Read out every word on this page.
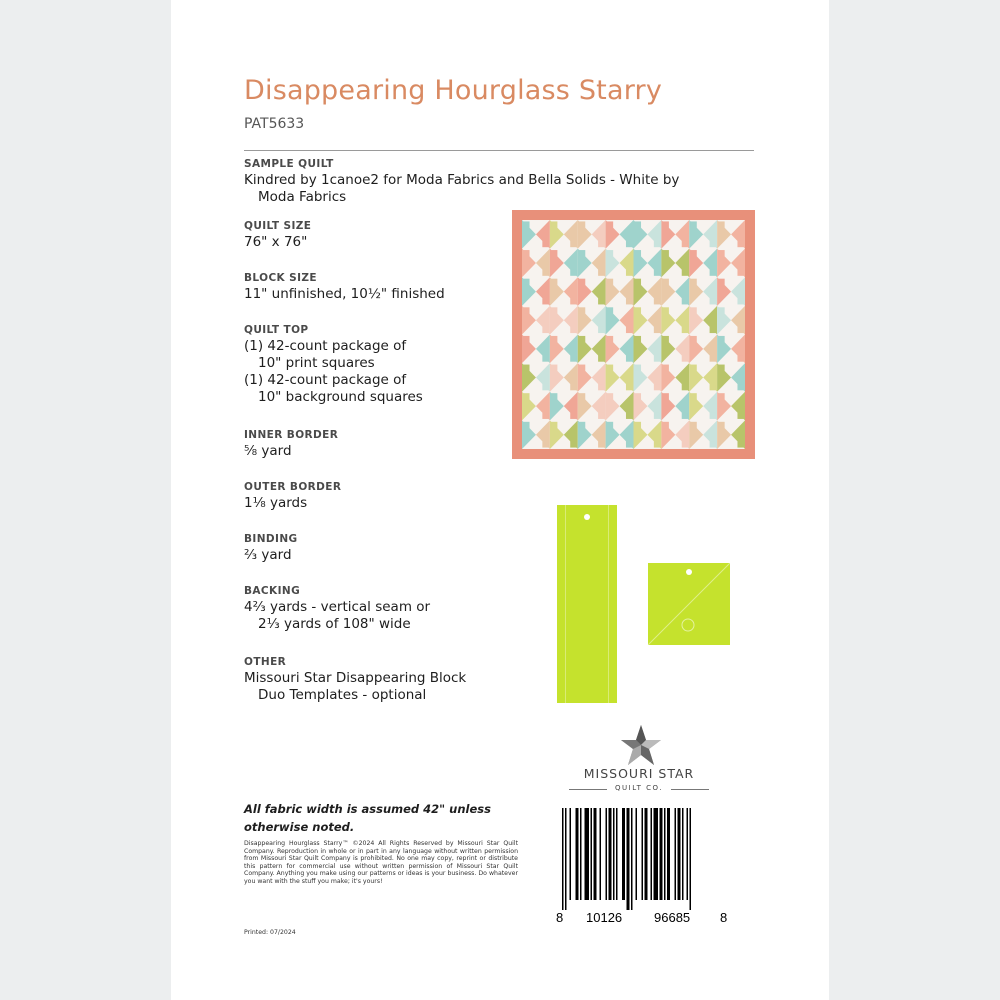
Disappearing Hourglass Starry
PAT5633
SAMPLE QUILT
Kindred by 1canoe2 for Moda Fabrics and Bella Solids - White by
Moda Fabrics
QUILT SIZE
76" x 76"
BLOCK SIZE
11" unfinished, 10½" finished
QUILT TOP
(1) 42-count package of
10" print squares
(1) 42-count package of
10" background squares
INNER BORDER
⅝ yard
OUTER BORDER
1⅛ yards
BINDING
⅔ yard
BACKING
4⅔ yards - vertical seam or
2⅓ yards of 108" wide
OTHER
Missouri Star Disappearing Block
Duo Templates - optional
All fabric width is assumed 42" unless otherwise noted.
Disappearing Hourglass Starry™ ©2024 All Rights Reserved by Missouri Star Quilt Company. Reproduction in whole or in part in any language without written permission from Missouri Star Quilt Company is prohibited. No one may copy, reprint or distribute this pattern for commercial use without written permission of Missouri Star Quilt Company. Anything you make using our patterns or ideas is your business. Do whatever you want with the stuff you make; it's yours!
Printed: 07/2024
MISSOURI STAR
QUILT CO.
8 10126 96685 8
